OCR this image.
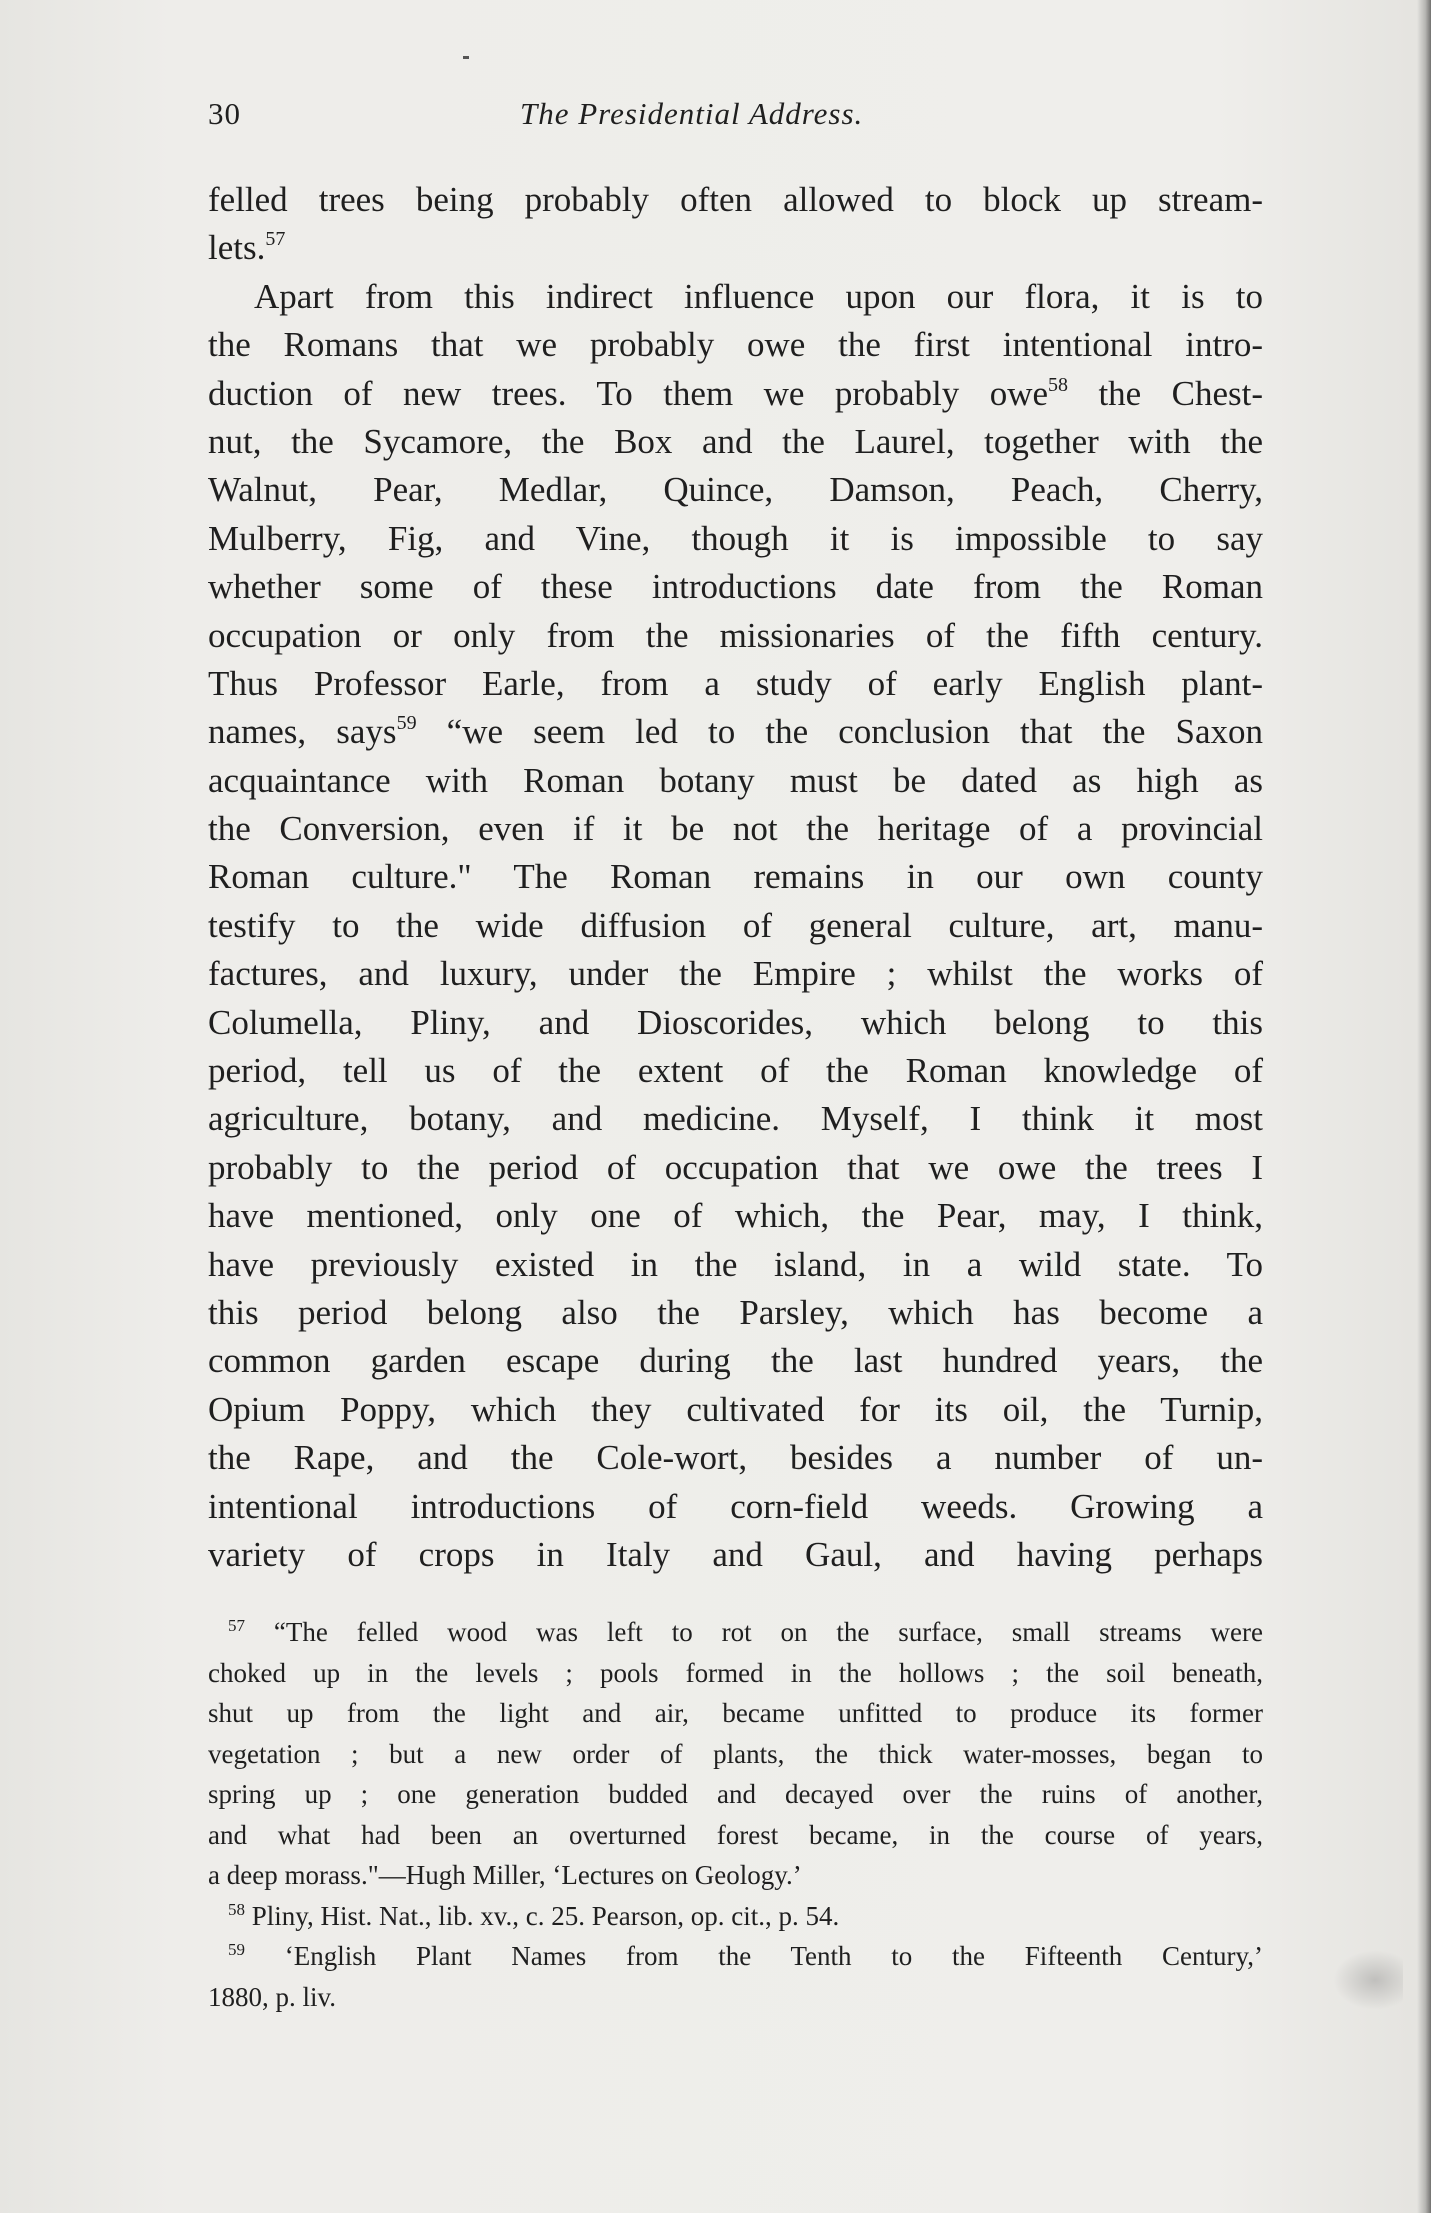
30	The Presidential Address.
felled trees being probably often allowed to block up stream-
lets.$^{57}$
Apart from this indirect influence upon our flora, it is to
the Romans that we probably owe the first intentional intro-
duction of new trees. To them we probably owe$^{58}$ the Chest-
nut, the Sycamore, the Box and the Laurel, together with the
Walnut, Pear, Medlar, Quince, Damson, Peach, Cherry,
Mulberry, Fig, and Vine, though it is impossible to say
whether some of these introductions date from the Roman
occupation or only from the missionaries of the fifth century.
Thus Professor Earle, from a study of early English plant-
names, says$^{59}$ “we seem led to the conclusion that the Saxon
acquaintance with Roman botany must be dated as high as
the Conversion, even if it be not the heritage of a provincial
Roman culture." The Roman remains in our own county
testify to the wide diffusion of general culture, art, manu-
factures, and luxury, under the Empire ; whilst the works of
Columella, Pliny, and Dioscorides, which belong to this
period, tell us of the extent of the Roman knowledge of
agriculture, botany, and medicine. Myself, I think it most
probably to the period of occupation that we owe the trees I
have mentioned, only one of which, the Pear, may, I think,
have previously existed in the island, in a wild state. To
this period belong also the Parsley, which has become a
common garden escape during the last hundred years, the
Opium Poppy, which they cultivated for its oil, the Turnip,
the Rape, and the Cole-wort, besides a number of un-
intentional introductions of corn-field weeds. Growing a
variety of crops in Italy and Gaul, and having perhaps
$^{57}$ “The felled wood was left to rot on the surface, small streams were
choked up in the levels ; pools formed in the hollows ; the soil beneath,
shut up from the light and air, became unfitted to produce its former
vegetation ; but a new order of plants, the thick water-mosses, began to
spring up ; one generation budded and decayed over the ruins of another,
and what had been an overturned forest became, in the course of years,
a deep morass."—Hugh Miller, ‘Lectures on Geology.’
$^{58}$ Pliny, Hist. Nat., lib. xv., c. 25. Pearson, op. cit., p. 54.
$^{59}$ ‘English Plant Names from the Tenth to the Fifteenth Century,’
1880, p. liv.
